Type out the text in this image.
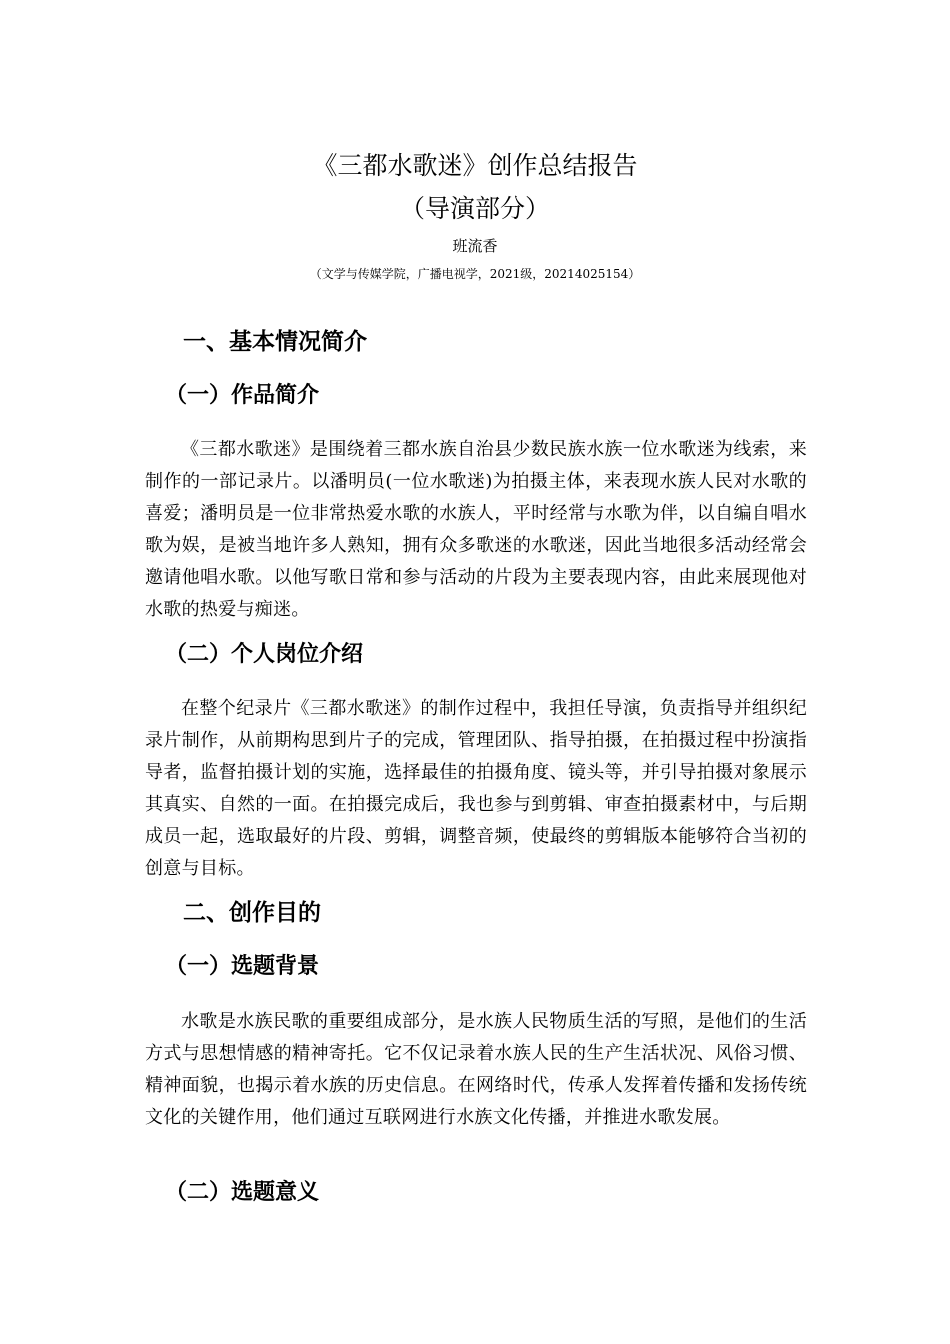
《三都水歌迷》创作总结报告
（导演部分）
班流香
（文学与传媒学院，广播电视学，2021级，20214025154）
一、基本情况简介
（一）作品简介
《三都水歌迷》是围绕着三都水族自治县少数民族水族一位水歌迷为线索，来制作的一部记录片。以潘明员(一位水歌迷)为拍摄主体，来表现水族人民对水歌的喜爱；潘明员是一位非常热爱水歌的水族人，平时经常与水歌为伴，以自编自唱水歌为娱，是被当地许多人熟知，拥有众多歌迷的水歌迷，因此当地很多活动经常会邀请他唱水歌。以他写歌日常和参与活动的片段为主要表现内容，由此来展现他对水歌的热爱与痴迷。
（二）个人岗位介绍
在整个纪录片《三都水歌迷》的制作过程中，我担任导演，负责指导并组织纪录片制作，从前期构思到片子的完成，管理团队、指导拍摄，在拍摄过程中扮演指导者，监督拍摄计划的实施，选择最佳的拍摄角度、镜头等，并引导拍摄对象展示其真实、自然的一面。在拍摄完成后，我也参与到剪辑、审查拍摄素材中，与后期成员一起，选取最好的片段、剪辑，调整音频，使最终的剪辑版本能够符合当初的创意与目标。
二、创作目的
（一）选题背景
水歌是水族民歌的重要组成部分，是水族人民物质生活的写照，是他们的生活方式与思想情感的精神寄托。它不仅记录着水族人民的生产生活状况、风俗习惯、精神面貌，也揭示着水族的历史信息。在网络时代，传承人发挥着传播和发扬传统文化的关键作用，他们通过互联网进行水族文化传播，并推进水歌发展。
（二）选题意义
